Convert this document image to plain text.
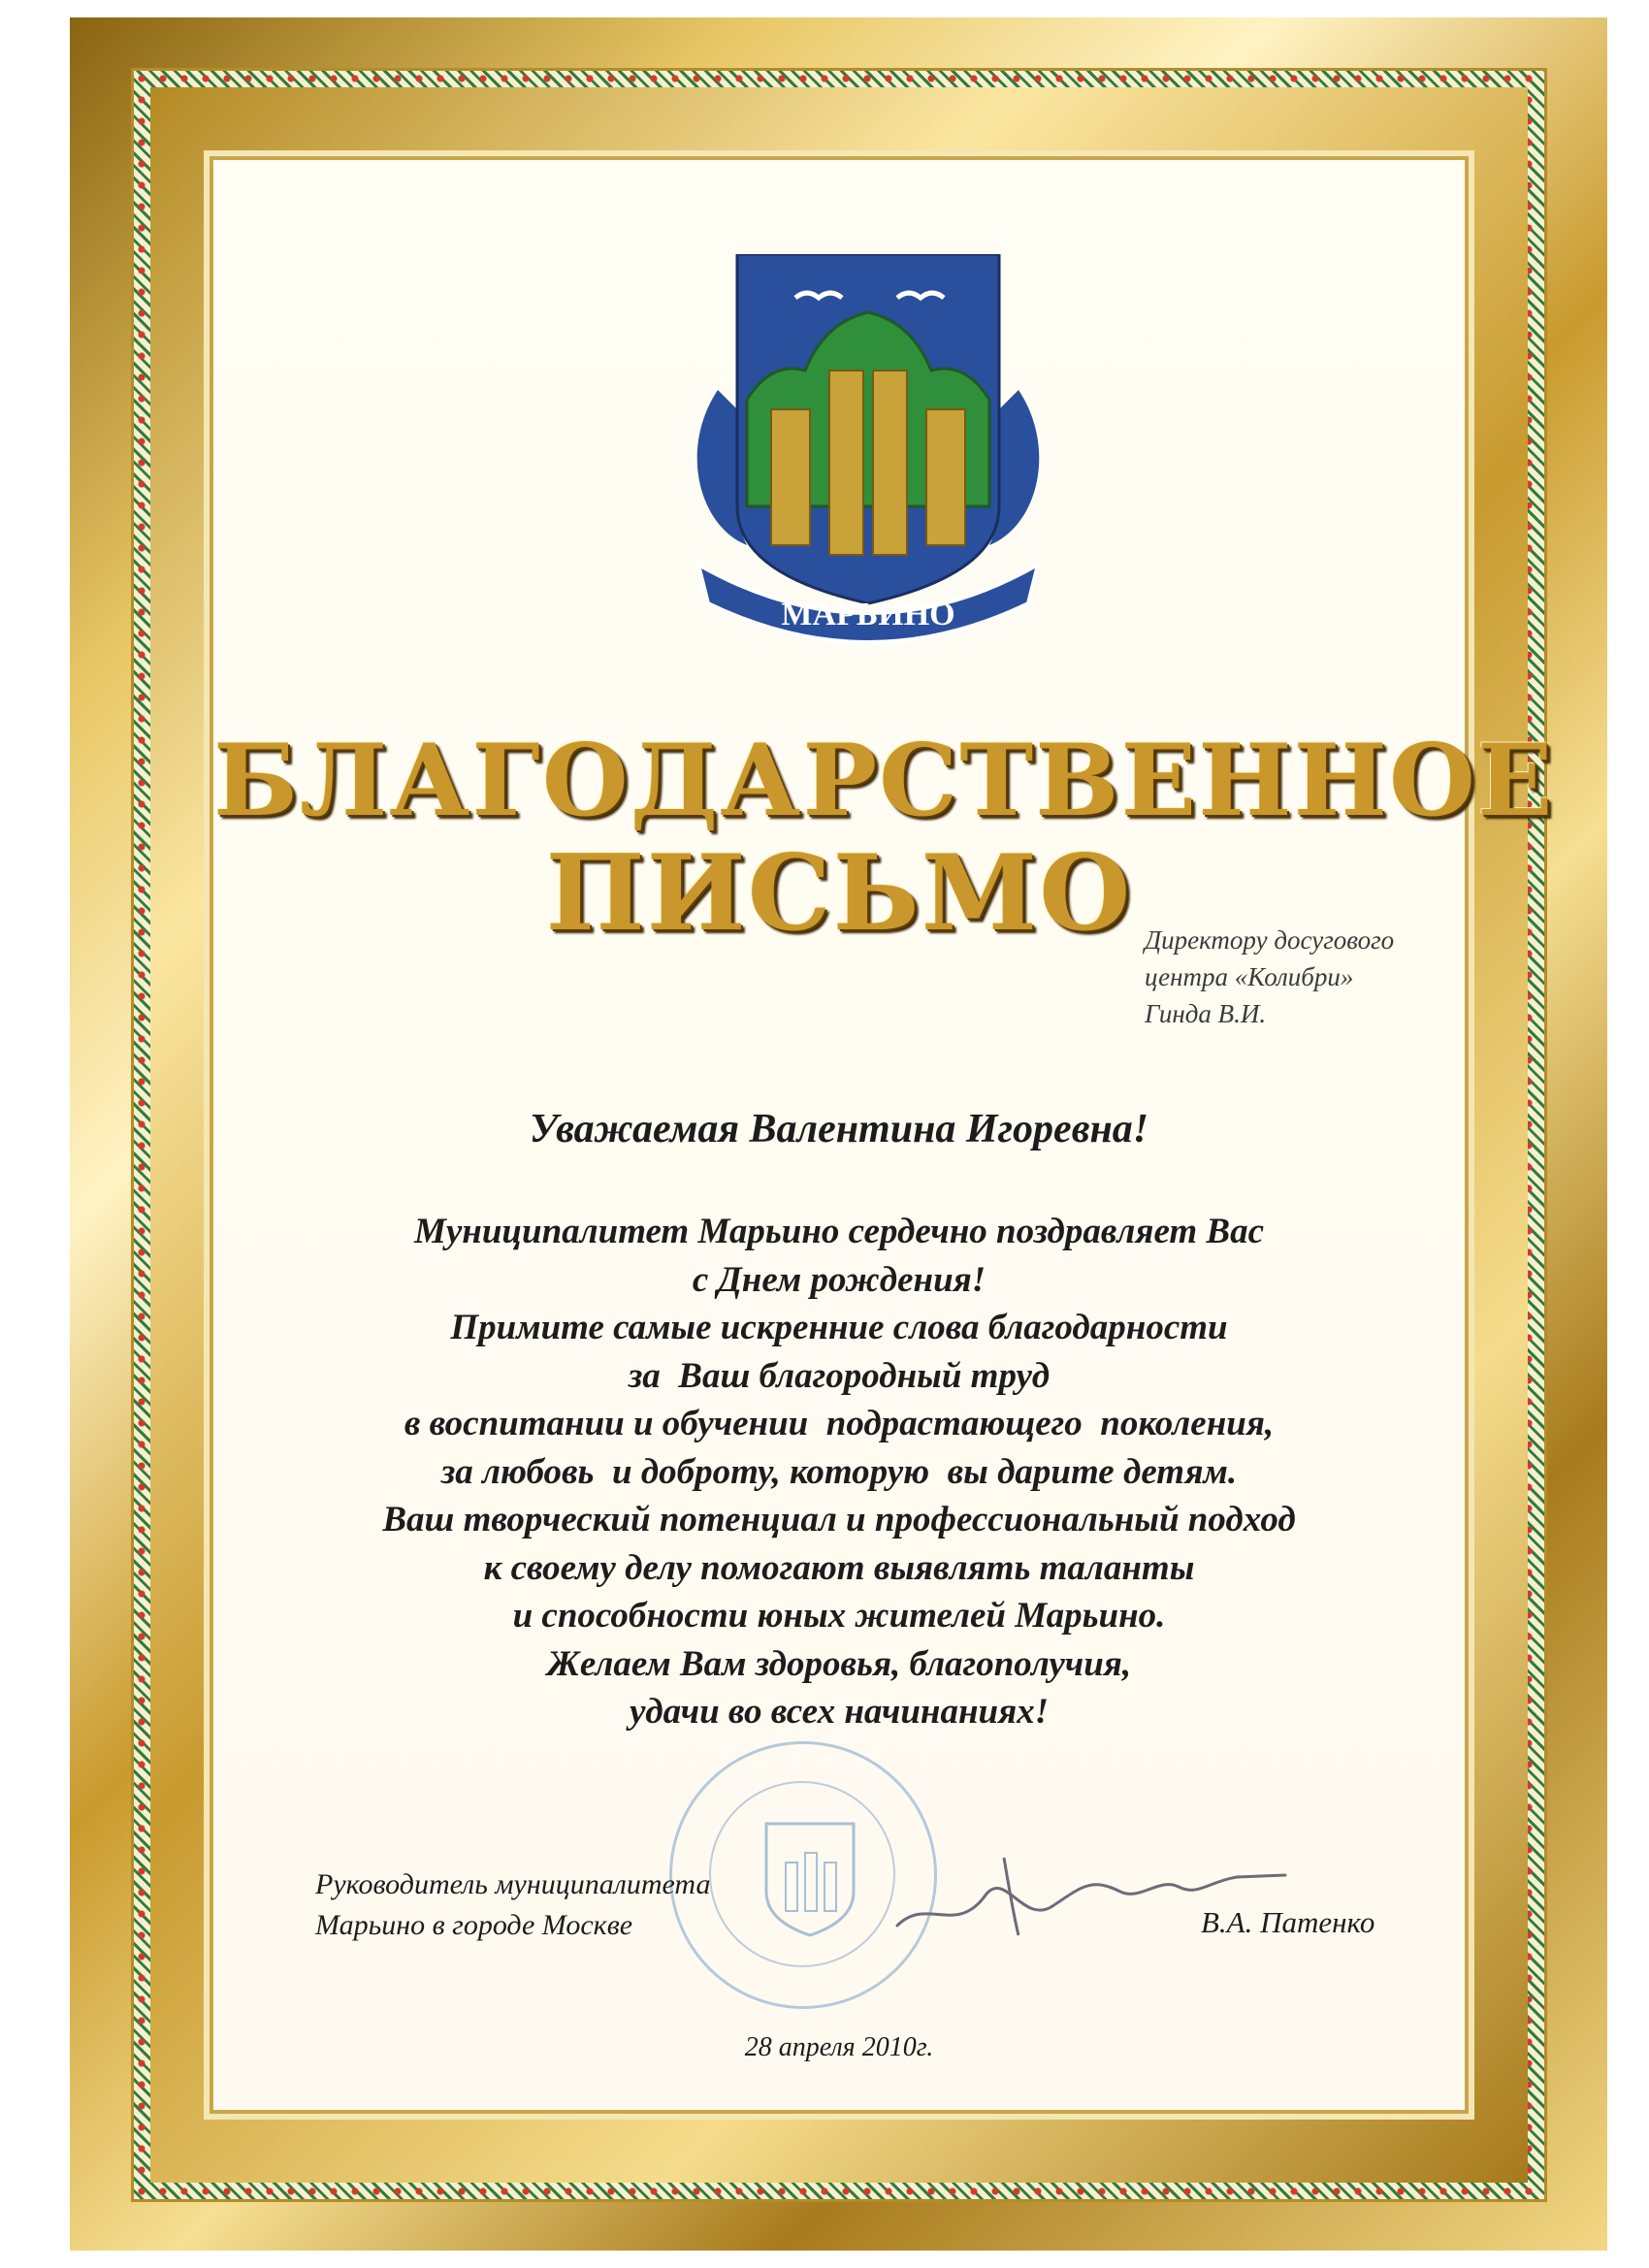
МАРЬИНО
БЛАГОДАРСТВЕННОЕ
ПИСЬМО Директору досугового
центра «Колибри»
Гинда В.И.
Уважаемая Валентина Игоревна!
Муниципалитет Марьино сердечно поздравляет Вас
с Днем рождения!
Примите самые искренние слова благодарности
за  Ваш благородный труд
в воспитании и обучении  подрастающего  поколения,
за любовь  и доброту, которую  вы дарите детям.
Ваш творческий потенциал и профессиональный подход
к своему делу помогают выявлять таланты
и способности юных жителей Марьино.
Желаем Вам здоровья, благополучия,
удачи во всех начинаниях!
Руководитель муниципалитета
Марьино в городе Москве	В.А. Патенко
28 апреля 2010г.
